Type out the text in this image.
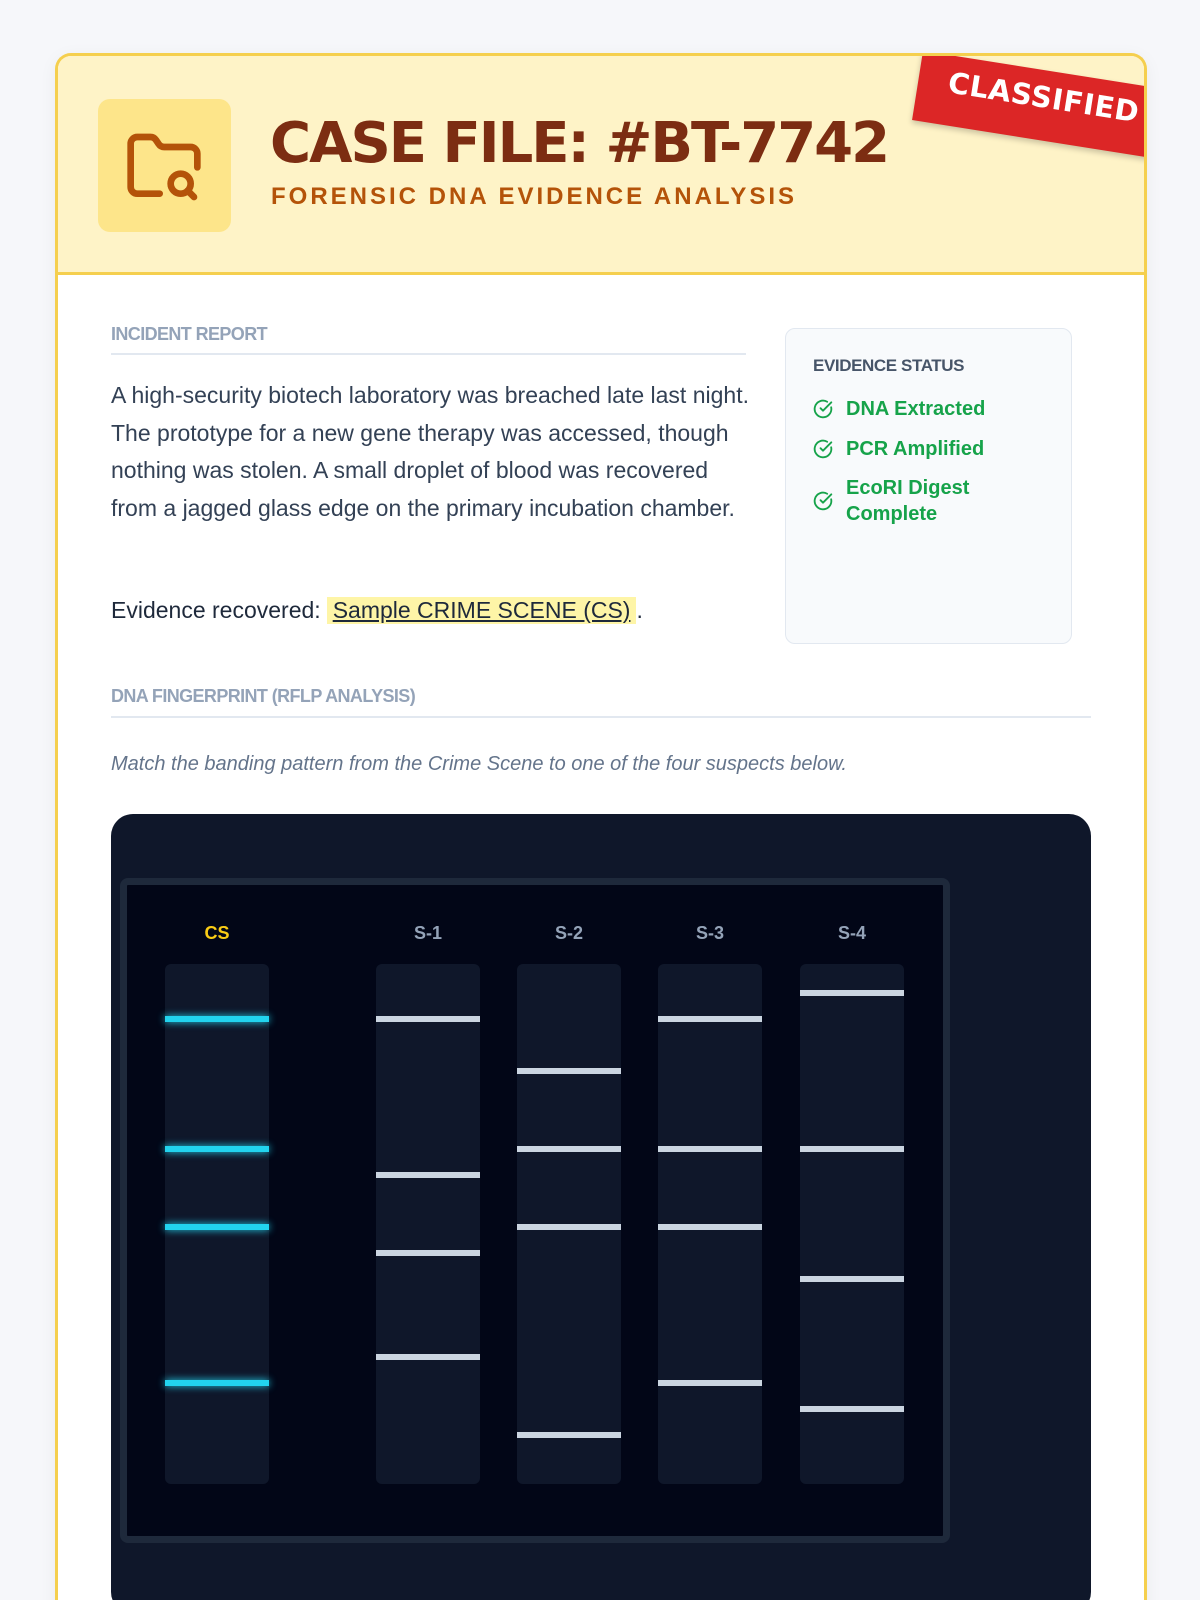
CASE FILE: #BT-7742
FORENSIC DNA EVIDENCE ANALYSIS
CLASSIFIED
INCIDENT REPORT
A high-security biotech laboratory was breached late last night. The prototype for a new gene therapy was accessed, though nothing was stolen. A small droplet of blood was recovered from a jagged glass edge on the primary incubation chamber.
Evidence recovered: Sample CRIME SCENE (CS) .
EVIDENCE STATUS
DNA Extracted
PCR Amplified
EcoRI Digest Complete
DNA FINGERPRINT (RFLP ANALYSIS)
Match the banding pattern from the Crime Scene to one of the four suspects below.
CS	S-1	S-2	S-3	S-4
